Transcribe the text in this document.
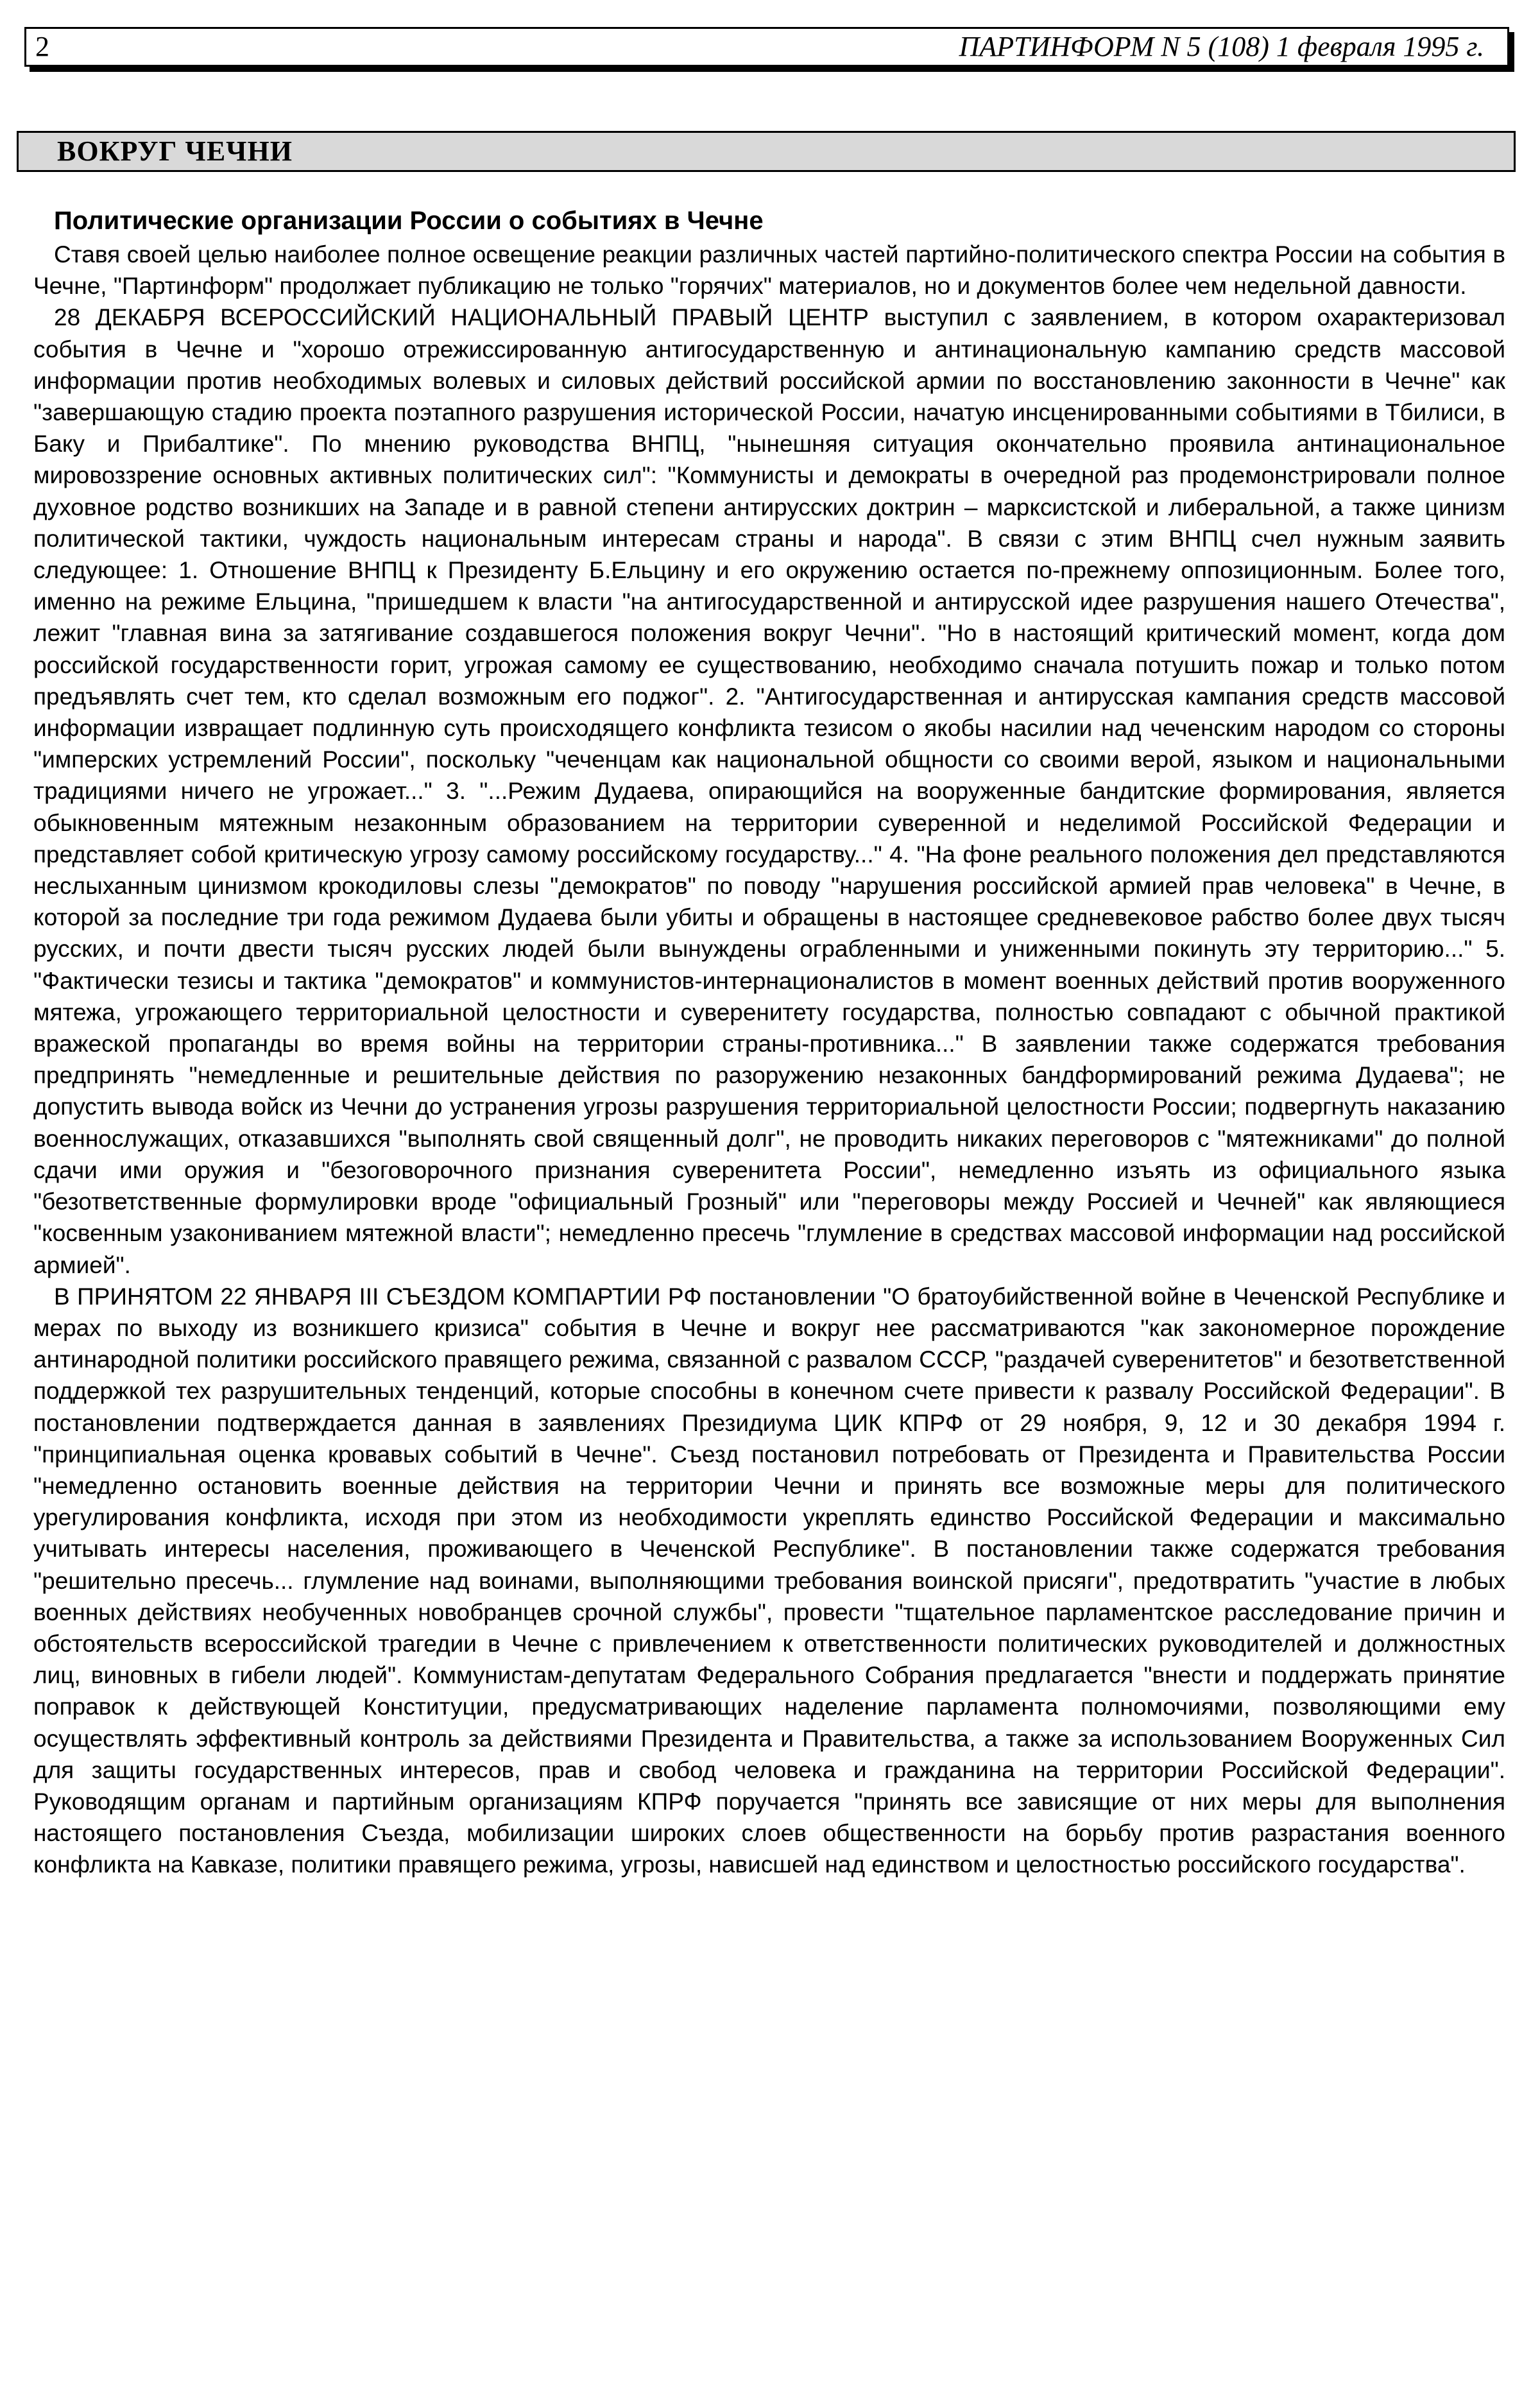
2	ПАРТИНФОРМ N 5 (108) 1 февраля 1995 г.
ВОКРУГ ЧЕЧНИ
Политические организации России о событиях в Чечне

Ставя своей целью наиболее полное освещение реакции различных частей партийно-политического спектра России на события в Чечне, "Партинформ" продолжает публикацию не только "горячих" материалов, но и документов более чем недельной давности.

28 ДЕКАБРЯ ВСЕРОССИЙСКИЙ НАЦИОНАЛЬНЫЙ ПРАВЫЙ ЦЕНТР выступил с заявлением, в котором охарактеризовал события в Чечне и "хорошо отрежиссированную антигосударственную и антинациональную кампанию средств массовой информации против необходимых волевых и силовых действий российской армии по восстановлению законности в Чечне" как "завершающую стадию проекта поэтапного разрушения исторической России, начатую инсценированными событиями в Тбилиси, в Баку и Прибалтике". По мнению руководства ВНПЦ, "нынешняя ситуация окончательно проявила антинациональное мировоззрение основных активных политических сил": "Коммунисты и демократы в очередной раз продемонстрировали полное духовное родство возникших на Западе и в равной степени антирусских доктрин – марксистской и либеральной, а также цинизм политической тактики, чуждость национальным интересам страны и народа". В связи с этим ВНПЦ счел нужным заявить следующее: 1. Отношение ВНПЦ к Президенту Б.Ельцину и его окружению остается по-прежнему оппозиционным. Более того, именно на режиме Ельцина, "пришедшем к власти "на антигосударственной и антирусской идее разрушения нашего Отечества", лежит "главная вина за затягивание создавшегося положения вокруг Чечни". "Но в настоящий критический момент, когда дом российской государственности горит, угрожая самому ее существованию, необходимо сначала потушить пожар и только потом предъявлять счет тем, кто сделал возможным его поджог". 2. "Антигосударственная и антирусская кампания средств массовой информации извращает подлинную суть происходящего конфликта тезисом о якобы насилии над чеченским народом со стороны "имперских устремлений России", поскольку "чеченцам как национальной общности со своими верой, языком и национальными традициями ничего не угрожает..." 3. "...Режим Дудаева, опирающийся на вооруженные бандитские формирования, является обыкновенным мятежным незаконным образованием на территории суверенной и неделимой Российской Федерации и представляет собой критическую угрозу самому российскому государству..." 4. "На фоне реального положения дел представляются неслыханным цинизмом крокодиловы слезы "демократов" по поводу "нарушения российской армией прав человека" в Чечне, в которой за последние три года режимом Дудаева были убиты и обращены в настоящее средневековое рабство более двух тысяч русских, и почти двести тысяч русских людей были вынуждены ограбленными и униженными покинуть эту территорию..." 5. "Фактически тезисы и тактика "демократов" и коммунистов-интернационалистов в момент военных действий против вооруженного мятежа, угрожающего территориальной целостности и суверенитету государства, полностью совпадают с обычной практикой вражеской пропаганды во время войны на территории страны-противника..." В заявлении также содержатся требования предпринять "немедленные и решительные действия по разоружению незаконных бандформирований режима Дудаева"; не допустить вывода войск из Чечни до устранения угрозы разрушения территориальной целостности России; подвергнуть наказанию военнослужащих, отказавшихся "выполнять свой священный долг", не проводить никаких переговоров с "мятежниками" до полной сдачи ими оружия и "безоговорочного признания суверенитета России", немедленно изъять из официального языка "безответственные формулировки вроде "официальный Грозный" или "переговоры между Россией и Чечней" как являющиеся "косвенным узакониванием мятежной власти"; немедленно пресечь "глумление в средствах массовой информации над российской армией".

В ПРИНЯТОМ 22 ЯНВАРЯ III СЪЕЗДОМ КОМПАРТИИ РФ постановлении "О братоубийственной войне в Чеченской Республике и мерах по выходу из возникшего кризиса" события в Чечне и вокруг нее рассматриваются "как закономерное порождение антинародной политики российского правящего режима, связанной с развалом СССР, "раздачей суверенитетов" и безответственной поддержкой тех разрушительных тенденций, которые способны в конечном счете привести к развалу Российской Федерации". В постановлении подтверждается данная в заявлениях Президиума ЦИК КПРФ от 29 ноября, 9, 12 и 30 декабря 1994 г. "принципиальная оценка кровавых событий в Чечне". Съезд постановил потребовать от Президента и Правительства России "немедленно остановить военные действия на территории Чечни и принять все возможные меры для политического урегулирования конфликта, исходя при этом из необходимости укреплять единство Российской Федерации и максимально учитывать интересы населения, проживающего в Чеченской Республике". В постановлении также содержатся требования "решительно пресечь... глумление над воинами, выполняющими требования воинской присяги", предотвратить "участие в любых военных действиях необученных новобранцев срочной службы", провести "тщательное парламентское расследование причин и обстоятельств всероссийской трагедии в Чечне с привлечением к ответственности политических руководителей и должностных лиц, виновных в гибели людей". Коммунистам-депутатам Федерального Собрания предлагается "внести и поддержать принятие поправок к действующей Конституции, предусматривающих наделение парламента полномочиями, позволяющими ему осуществлять эффективный контроль за действиями Президента и Правительства, а также за использованием Вооруженных Сил для защиты государственных интересов, прав и свобод человека и гражданина на территории Российской Федерации". Руководящим органам и партийным организациям КПРФ поручается "принять все зависящие от них меры для выполнения настоящего постановления Съезда, мобилизации широких слоев общественности на борьбу против разрастания военного конфликта на Кавказе, политики правящего режима, угрозы, нависшей над единством и целостностью российского государства".
